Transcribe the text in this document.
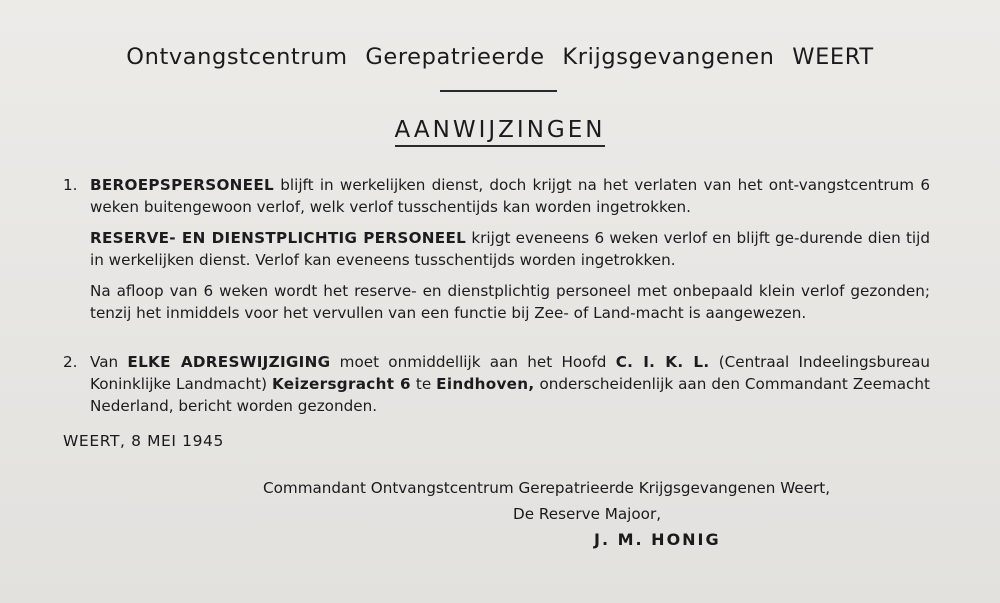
Ontvangstcentrum Gerepatrieerde Krijgsgevangenen WEERT
AANWIJZINGEN
1. BEROEPSPERSONEEL blijft in werkelijken dienst, doch krijgt na het verlaten van het ont-vangstcentrum 6 weken buitengewoon verlof, welk verlof tusschentijds kan worden ingetrokken.
RESERVE- EN DIENSTPLICHTIG PERSONEEL krijgt eveneens 6 weken verlof en blijft ge-durende dien tijd in werkelijken dienst. Verlof kan eveneens tusschentijds worden ingetrokken.
Na afloop van 6 weken wordt het reserve- en dienstplichtig personeel met onbepaald klein verlof gezonden; tenzij het inmiddels voor het vervullen van een functie bij Zee- of Land-macht is aangewezen.
2. Van ELKE ADRESWIJZIGING moet onmiddellijk aan het Hoofd C. I. K. L. (Centraal Indeelingsbureau Koninklijke Landmacht) Keizersgracht 6 te Eindhoven, onderscheidenlijk aan den Commandant Zeemacht Nederland, bericht worden gezonden.
WEERT, 8 MEI 1945
Commandant Ontvangstcentrum Gerepatrieerde Krijgsgevangenen Weert,
De Reserve Majoor,
J. M. HONIG
